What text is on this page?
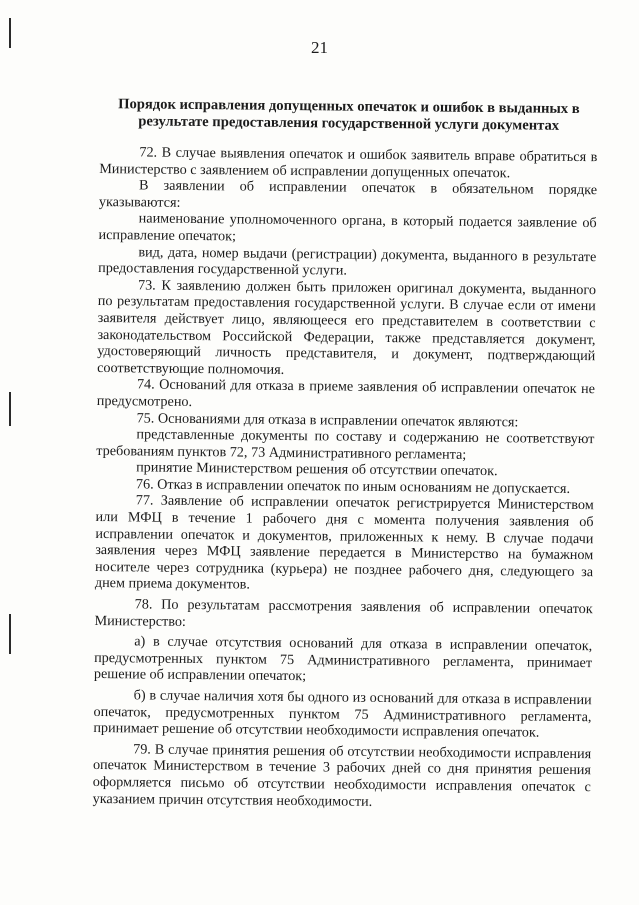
21
Порядок исправления допущенных опечаток и ошибок в выданных в результате предоставления государственной услуги документах

72. В случае выявления опечаток и ошибок заявитель вправе обратиться в Министерство с заявлением об исправлении допущенных опечаток.

В заявлении об исправлении опечаток в обязательном порядке указываются:

наименование уполномоченного органа, в который подается заявление об исправление опечаток;

вид, дата, номер выдачи (регистрации) документа, выданного в результате предоставления государственной услуги.

73. К заявлению должен быть приложен оригинал документа, выданного по результатам предоставления государственной услуги. В случае если от имени заявителя действует лицо, являющееся его представителем в соответствии с законодательством Российской Федерации, также представляется документ, удостоверяющий личность представителя, и документ, подтверждающий соответствующие полномочия.

74. Оснований для отказа в приеме заявления об исправлении опечаток не предусмотрено.

75. Основаниями для отказа в исправлении опечаток являются:

представленные документы по составу и содержанию не соответствуют требованиям пунктов 72, 73 Административного регламента;

принятие Министерством решения об отсутствии опечаток.

76. Отказ в исправлении опечаток по иным основаниям не допускается.

77. Заявление об исправлении опечаток регистрируется Министерством или МФЦ в течение 1 рабочего дня с момента получения заявления об исправлении опечаток и документов, приложенных к нему. В случае подачи заявления через МФЦ заявление передается в Министерство на бумажном носителе через сотрудника (курьера) не позднее рабочего дня, следующего за днем приема документов.

78. По результатам рассмотрения заявления об исправлении опечаток Министерство:

а) в случае отсутствия оснований для отказа в исправлении опечаток, предусмотренных пунктом 75 Административного регламента, принимает решение об исправлении опечаток;

б) в случае наличия хотя бы одного из оснований для отказа в исправлении опечаток, предусмотренных пунктом 75 Административного регламента, принимает решение об отсутствии необходимости исправления опечаток.

79. В случае принятия решения об отсутствии необходимости исправления опечаток Министерством в течение 3 рабочих дней со дня принятия решения оформляется письмо об отсутствии необходимости исправления опечаток с указанием причин отсутствия необходимости.
